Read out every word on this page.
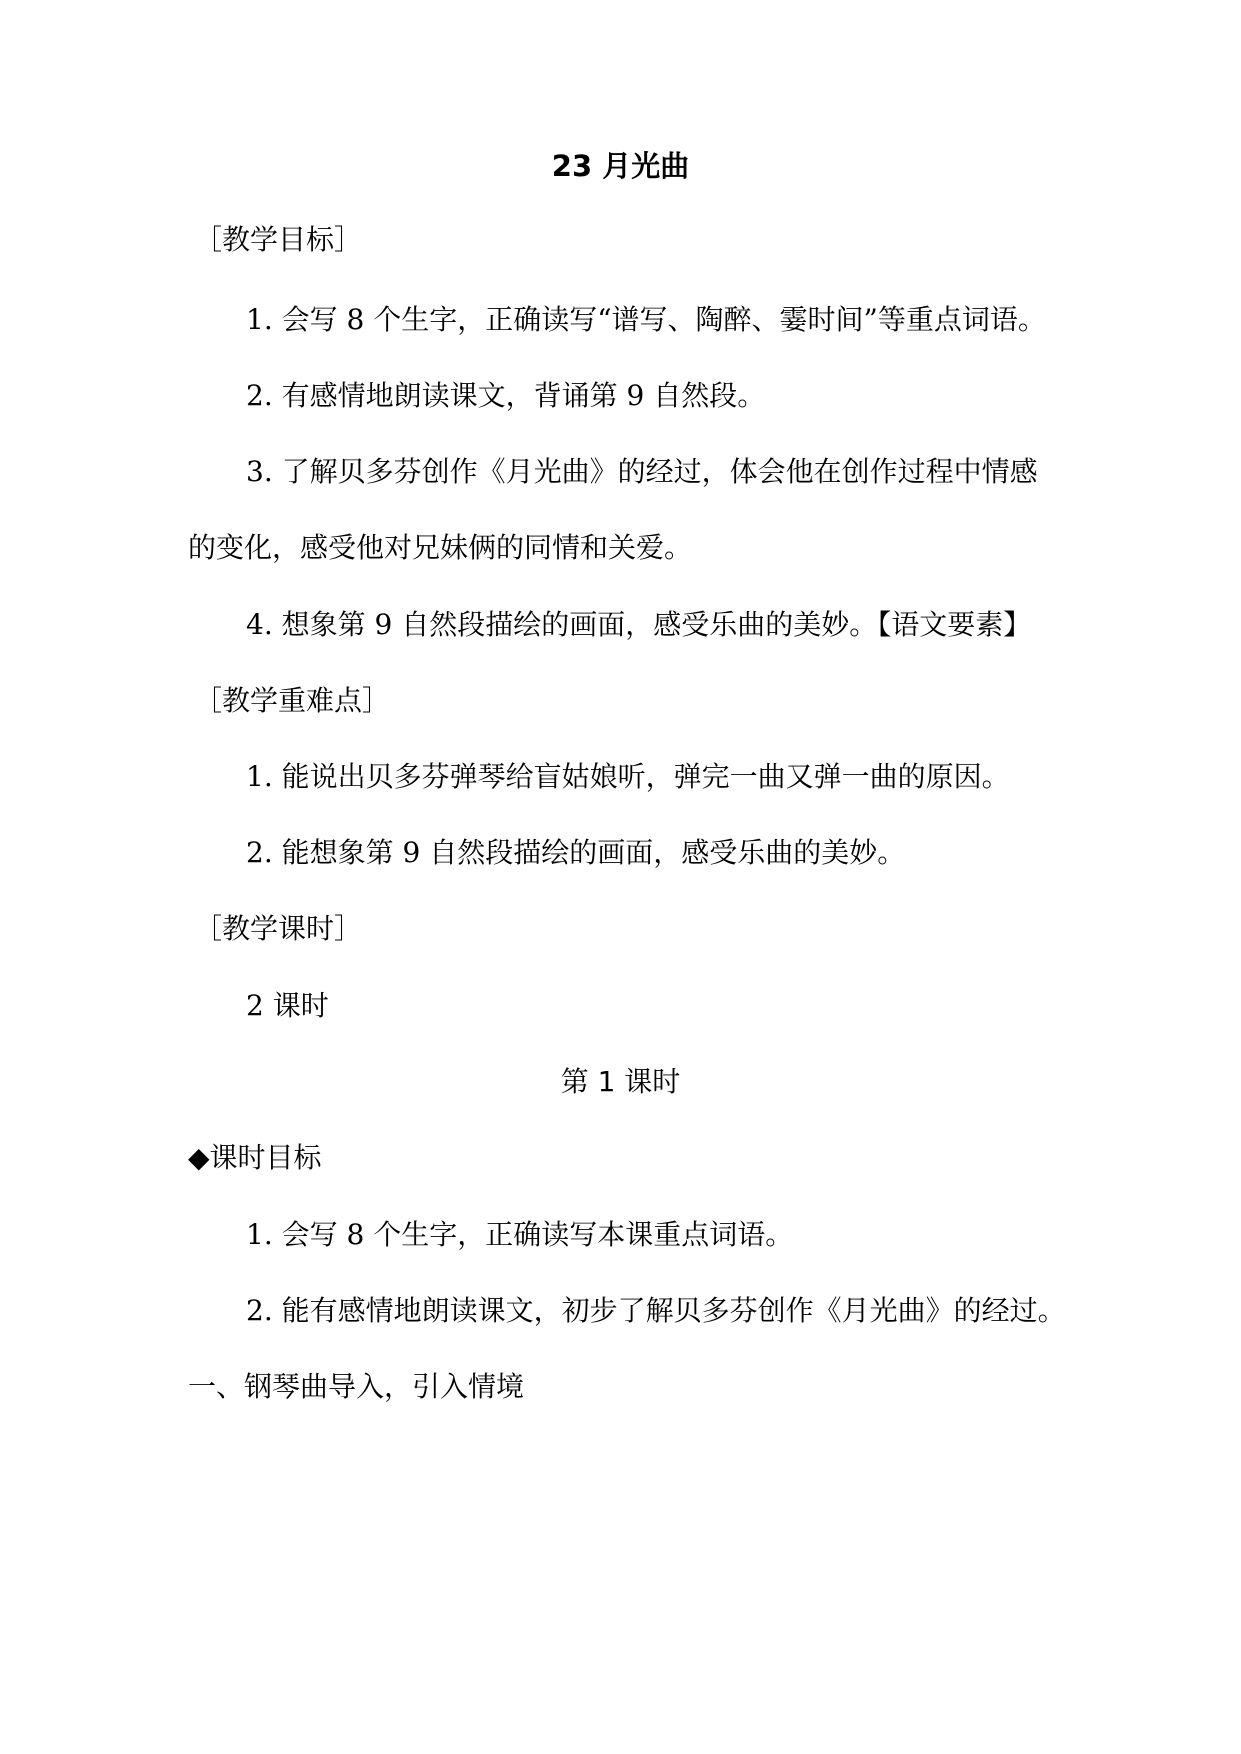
23 月光曲
［教学目标］
1. 会写 8 个生字，正确读写“谱写、陶醉、霎时间”等重点词语。
2. 有感情地朗读课文，背诵第 9 自然段。
3. 了解贝多芬创作《月光曲》的经过，体会他在创作过程中情感
的变化，感受他对兄妹俩的同情和关爱。
4. 想象第 9 自然段描绘的画面，感受乐曲的美妙。【语文要素】
［教学重难点］
1. 能说出贝多芬弹琴给盲姑娘听，弹完一曲又弹一曲的原因。
2. 能想象第 9 自然段描绘的画面，感受乐曲的美妙。
［教学课时］
2 课时
第 1 课时
◆课时目标
1. 会写 8 个生字，正确读写本课重点词语。
2. 能有感情地朗读课文，初步了解贝多芬创作《月光曲》的经过。
一、钢琴曲导入，引入情境
